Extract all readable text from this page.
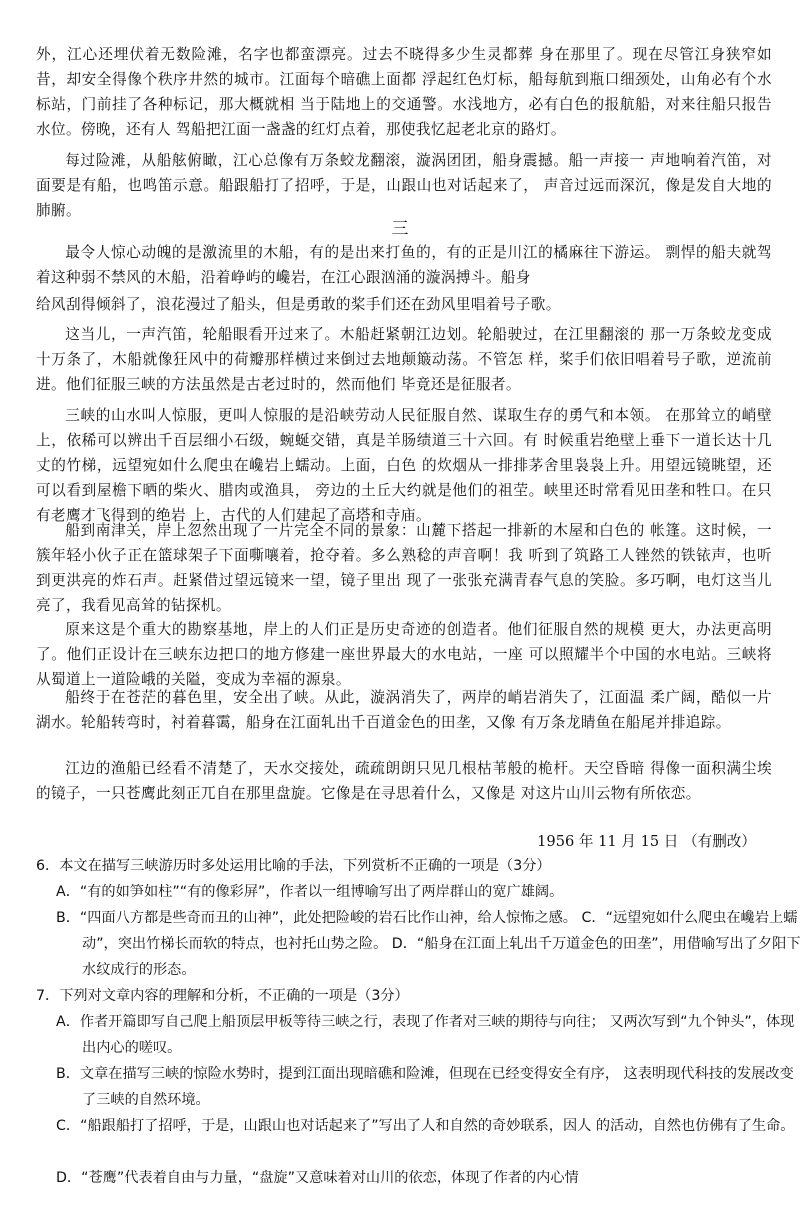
外，江心还埋伏着无数险滩，名字也都蛮漂亮。过去不晓得多少生灵都葬 身在那里了。现在尽管江身狭窄如昔，却安全得像个秩序井然的城市。江面每个暗礁上面都 浮起红色灯标，船每航到瓶口细颈处，山角必有个水标站，门前挂了各种标记，那大概就相 当于陆地上的交通警。水浅地方，必有白色的报航船，对来往船只报告水位。傍晚，还有人 驾船把江面一盏盏的红灯点着，那使我忆起老北京的路灯。

每过险滩，从船舷俯瞰，江心总像有万条蛟龙翻滚，漩涡团团，船身震撼。船一声接一 声地响着汽笛，对面要是有船，也鸣笛示意。船跟船打了招呼，于是，山跟山也对话起来了， 声音过远而深沉，像是发自大地的肺腑。

三

最令人惊心动魄的是激流里的木船，有的是出来打鱼的，有的正是川江的橘麻往下游运。 剽悍的船夫就驾着这种弱不禁风的木船，沿着峥屿的巉岩，在江心跟汹涌的漩涡搏斗。船身

给风刮得倾斜了，浪花漫过了船头，但是勇敢的桨手们还在劲风里唱着号子歌。

这当儿，一声汽笛，轮船眼看开过来了。木船赶紧朝江边划。轮船驶过，在江里翻滚的 那一万条蛟龙变成十万条了，木船就像狂风中的荷瓣那样横过来倒过去地颠簸动荡。不管怎 样，桨手们依旧唱着号子歌，逆流前进。他们征服三峡的方法虽然是古老过时的，然而他们 毕竟还是征服者。

三峡的山水叫人惊服，更叫人惊服的是沿峡劳动人民征服自然、谋取生存的勇气和本领。 在那耸立的峭壁上，依稀可以辨出千百层细小石级，蜿蜒交错，真是羊肠绩道三十六回。有 时候重岩绝壁上垂下一道长达十几丈的竹梯，远望宛如什么爬虫在巉岩上蠕动。上面，白色 的炊烟从一排排茅舍里袅袅上升。用望远镜眺望，还可以看到屋檐下晒的柴火、腊肉或渔具， 旁边的土丘大约就是他们的祖茔。峡里还时常看见田垄和牲口。在只有老鹰才飞得到的绝岩 上，古代的人们建起了高塔和寺庙。

船到南津关，岸上忽然出现了一片完全不同的景象：山麓下搭起一排新的木屋和白色的 帐篷。这时候，一簇年轻小伙子正在篮球架子下面嘶嚷着，抢夺着。多么熟稔的声音啊！我 听到了筑路工人锉然的铁铱声，也听到更洪亮的炸石声。赶紧借过望远镜来一望，镜子里出 现了一张张充满青春气息的笑脸。多巧啊，电灯这当儿亮了，我看见高耸的钻探机。

原来这是个重大的勘察基地，岸上的人们正是历史奇迹的创造者。他们征服自然的规模 更大，办法更高明了。他们正设计在三峡东边把口的地方修建一座世界最大的水电站，一座 可以照耀半个中国的水电站。三峡将从蜀道上一道险峨的关隘，变成为幸福的源泉。

船终于在苍茫的暮色里，安全出了峡。从此，漩涡消失了，两岸的峭岩消失了，江面温 柔广阔，酷似一片湖水。轮船转弯时，衬着暮霭，船身在江面轧出千百道金色的田垄，又像 有万条龙睛鱼在船尾并排追踪。

江边的渔船已经看不清楚了，天水交接处，疏疏朗朗只见几根枯苇般的桅杆。天空昏暗 得像一面积满尘埃的镜子，一只苍鹰此刻正兀自在那里盘旋。它像是在寻思着什么，又像是 对这片山川云物有所依恋。

1956 年 11 月 15 日 （有删改）

6．本文在描写三峡游历时多处运用比喻的手法，下列赏析不正确的一项是（3分）

A．“有的如笋如柱”“有的像彩屏”，作者以一组博喻写出了两岸群山的宽广雄阔。

B．“四面八方都是些奇而丑的山神”，此处把险峻的岩石比作山神，给人惊怖之感。 C．“远望宛如什么爬虫在巉岩上蠕动”，突出竹梯长而软的特点，也衬托山势之险。 D．“船身在江面上轧出千万道金色的田垄”，用借喻写出了夕阳下水纹成行的形态。

7．下列对文章内容的理解和分析，不正确的一项是（3分）

A．作者开篇即写自己爬上船顶层甲板等待三峡之行，表现了作者对三峡的期待与向往； 又两次写到“九个钟头”，体现出内心的嗟叹。

B．文章在描写三峡的惊险水势时，提到江面出现暗礁和险滩，但现在已经变得安全有序， 这表明现代科技的发展改变了三峡的自然环境。

C．“船跟船打了招呼，于是，山跟山也对话起来了”写出了人和自然的奇妙联系，因人 的活动，自然也仿佛有了生命。

D．“苍鹰”代表着自由与力量，“盘旋”又意味着对山川的依恋，体现了作者的内心情
